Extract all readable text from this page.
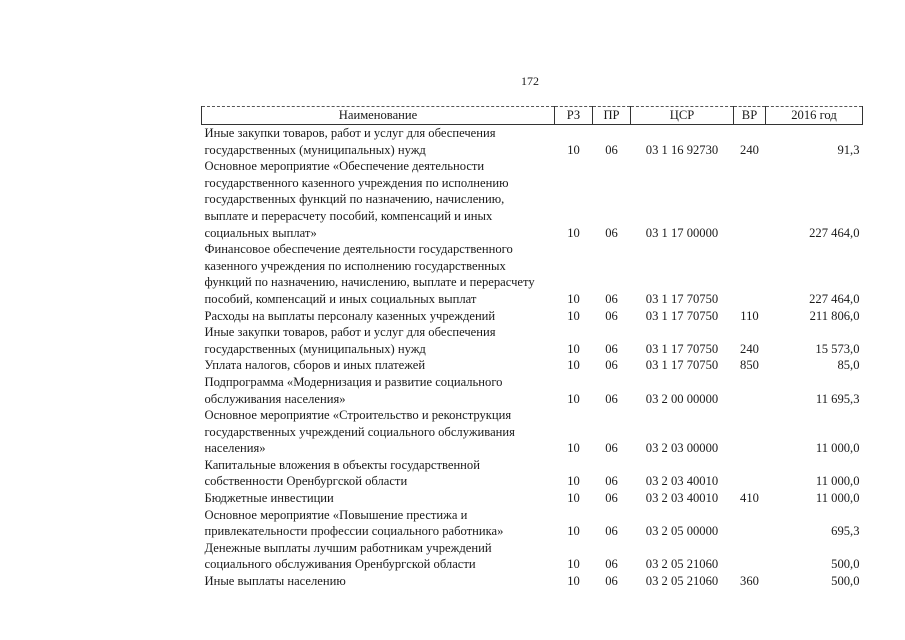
172
Наименование	РЗ	ПР	ЦСР	ВР	2016 год
Иные закупки товаров, работ и услуг для обеспечения государственных (муниципальных) нужд	10	06	03 1 16 92730	240	91,3
Основное мероприятие «Обеспечение деятельности государственного казенного учреждения по исполнению государственных функций по назначению, начислению, выплате и перерасчету пособий, компенсаций и иных социальных выплат»	10	06	03 1 17 00000		227 464,0
Финансовое обеспечение деятельности государственного казенного учреждения по исполнению государственных функций по назначению, начислению, выплате и перерасчету пособий, компенсаций и иных социальных выплат	10	06	03 1 17 70750		227 464,0
Расходы на выплаты персоналу казенных учреждений	10	06	03 1 17 70750	110	211 806,0
Иные закупки товаров, работ и услуг для обеспечения государственных (муниципальных) нужд	10	06	03 1 17 70750	240	15 573,0
Уплата налогов, сборов и иных платежей	10	06	03 1 17 70750	850	85,0
Подпрограмма «Модернизация и развитие социального обслуживания населения»	10	06	03 2 00 00000		11 695,3
Основное мероприятие «Строительство и реконструкция государственных учреждений социального обслуживания населения»	10	06	03 2 03 00000		11 000,0
Капитальные вложения в объекты государственной собственности Оренбургской области	10	06	03 2 03 40010		11 000,0
Бюджетные инвестиции	10	06	03 2 03 40010	410	11 000,0
Основное мероприятие «Повышение престижа и привлекательности профессии социального работника»	10	06	03 2 05 00000		695,3
Денежные выплаты лучшим работникам учреждений социального обслуживания Оренбургской области	10	06	03 2 05 21060		500,0
Иные выплаты населению	10	06	03 2 05 21060	360	500,0
